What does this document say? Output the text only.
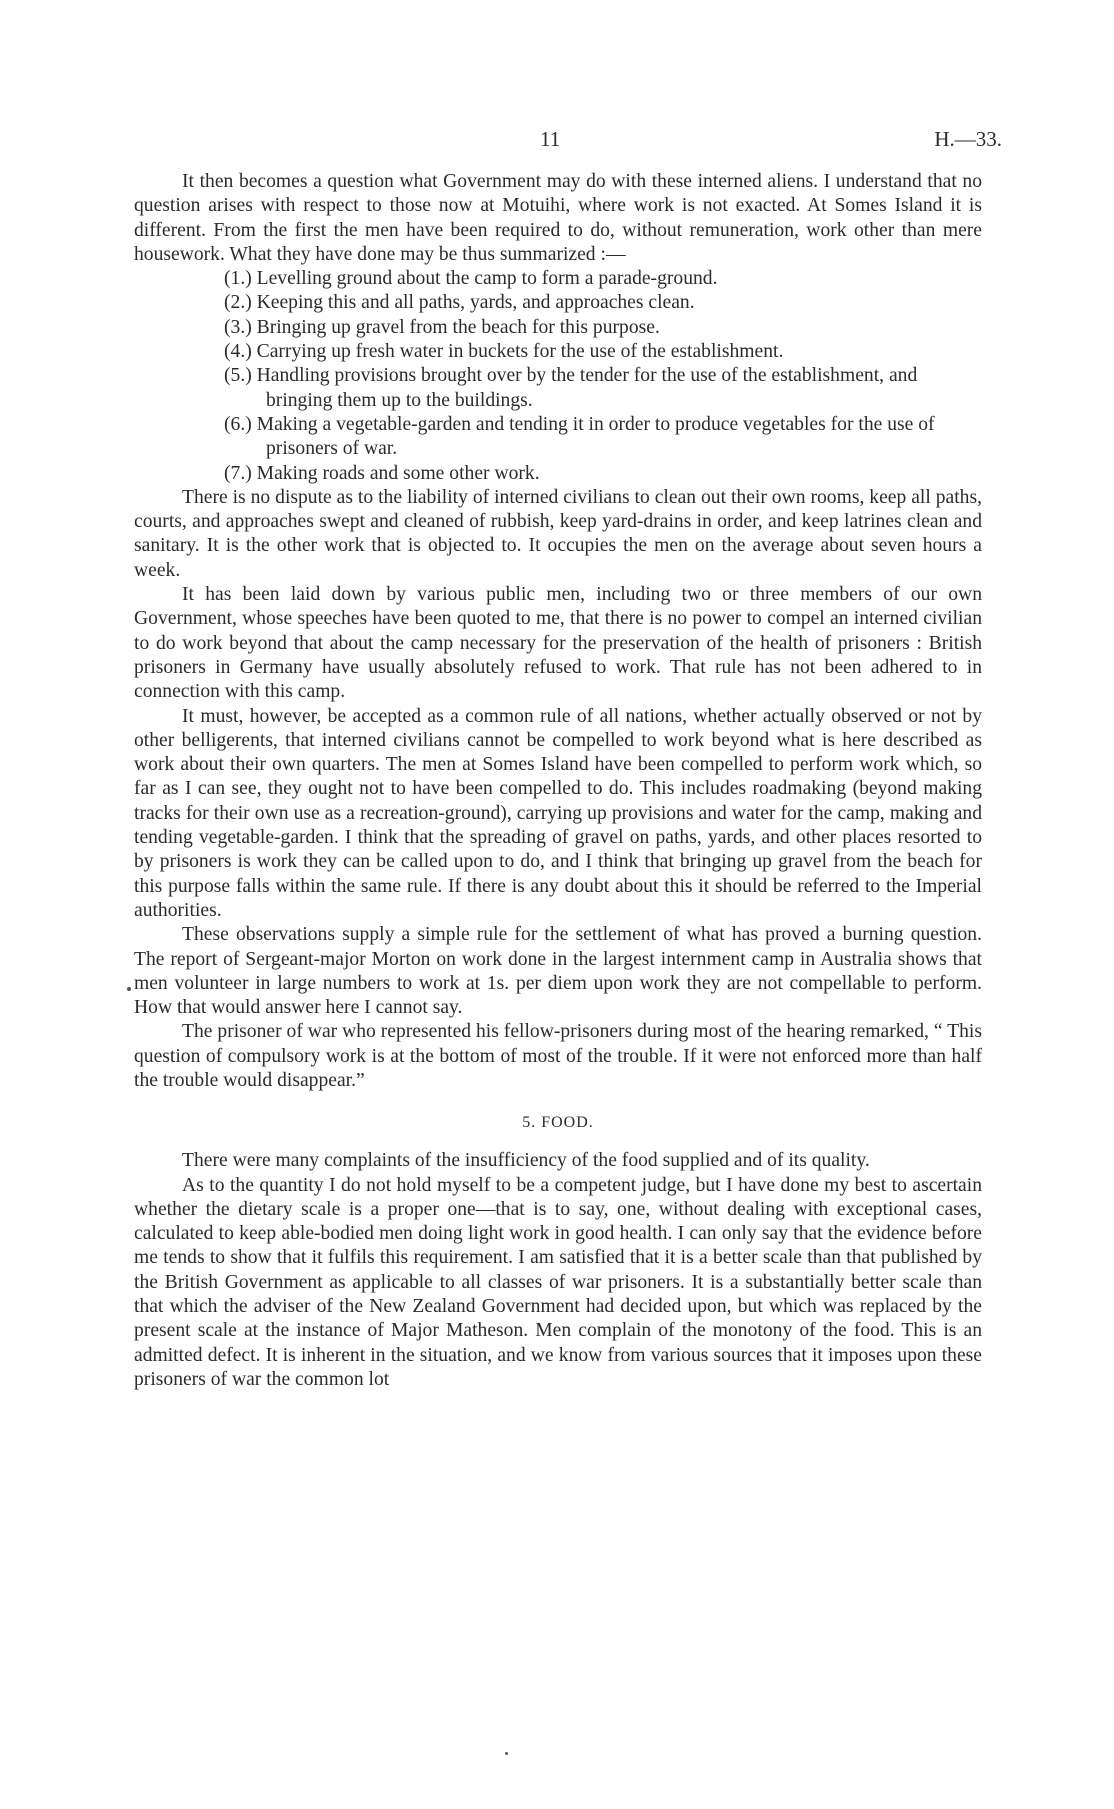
11	H.—33.

It then becomes a question what Government may do with these interned aliens. I understand that no question arises with respect to those now at Motuihi, where work is not exacted. At Somes Island it is different. From the first the men have been required to do, without remuneration, work other than mere housework. What they have done may be thus summarized :—

(1.) Levelling ground about the camp to form a parade-ground.
(2.) Keeping this and all paths, yards, and approaches clean.
(3.) Bringing up gravel from the beach for this purpose.
(4.) Carrying up fresh water in buckets for the use of the establishment.
(5.) Handling provisions brought over by the tender for the use of the establishment, and bringing them up to the buildings.
(6.) Making a vegetable-garden and tending it in order to produce vegetables for the use of prisoners of war.
(7.) Making roads and some other work.

There is no dispute as to the liability of interned civilians to clean out their own rooms, keep all paths, courts, and approaches swept and cleaned of rubbish, keep yard-drains in order, and keep latrines clean and sanitary. It is the other work that is objected to. It occupies the men on the average about seven hours a week.

It has been laid down by various public men, including two or three members of our own Government, whose speeches have been quoted to me, that there is no power to compel an interned civilian to do work beyond that about the camp necessary for the preservation of the health of prisoners : British prisoners in Germany have usually absolutely refused to work. That rule has not been adhered to in connection with this camp.

It must, however, be accepted as a common rule of all nations, whether actually observed or not by other belligerents, that interned civilians cannot be compelled to work beyond what is here described as work about their own quarters. The men at Somes Island have been compelled to perform work which, so far as I can see, they ought not to have been compelled to do. This includes roadmaking (beyond making tracks for their own use as a recreation-ground), carrying up provisions and water for the camp, making and tending vegetable-garden. I think that the spreading of gravel on paths, yards, and other places resorted to by prisoners is work they can be called upon to do, and I think that bringing up gravel from the beach for this purpose falls within the same rule. If there is any doubt about this it should be referred to the Imperial authorities.

These observations supply a simple rule for the settlement of what has proved a burning question. The report of Sergeant-major Morton on work done in the largest internment camp in Australia shows that men volunteer in large numbers to work at 1s. per diem upon work they are not compellable to perform. How that would answer here I cannot say.

The prisoner of war who represented his fellow-prisoners during most of the hearing remarked, “ This question of compulsory work is at the bottom of most of the trouble. If it were not enforced more than half the trouble would disappear.”

5. FOOD.

There were many complaints of the insufficiency of the food supplied and of its quality.

As to the quantity I do not hold myself to be a competent judge, but I have done my best to ascertain whether the dietary scale is a proper one—that is to say, one, without dealing with exceptional cases, calculated to keep able-bodied men doing light work in good health. I can only say that the evidence before me tends to show that it fulfils this requirement. I am satisfied that it is a better scale than that published by the British Government as applicable to all classes of war prisoners. It is a substantially better scale than that which the adviser of the New Zealand Government had decided upon, but which was replaced by the present scale at the instance of Major Matheson. Men complain of the monotony of the food. This is an admitted defect. It is inherent in the situation, and we know from various sources that it imposes upon these prisoners of war the common lot
